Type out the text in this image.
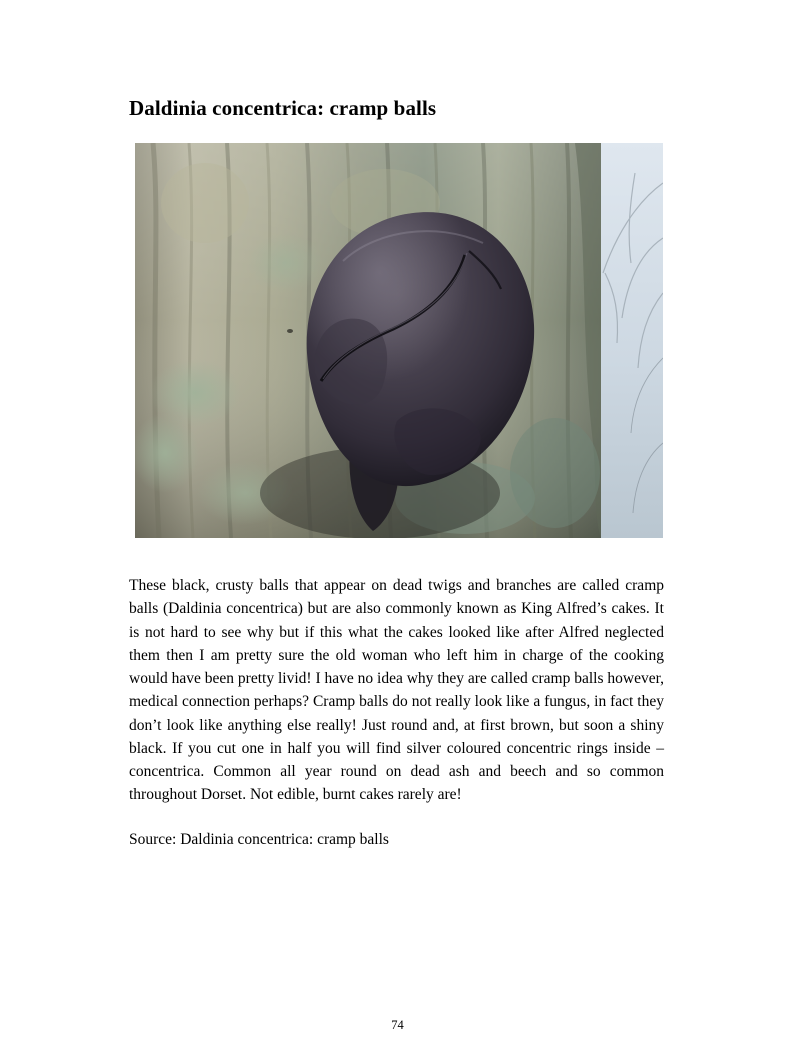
Daldinia concentrica: cramp balls

These black, crusty balls that appear on dead twigs and branches are called cramp balls (Daldinia concentrica) but are also commonly known as King Alfred’s cakes. It is not hard to see why but if this what the cakes looked like after Alfred neglected them then I am pretty sure the old woman who left him in charge of the cooking would have been pretty livid! I have no idea why they are called cramp balls however, medical connection perhaps? Cramp balls do not really look like a fungus, in fact they don’t look like anything else really! Just round and, at first brown, but soon a shiny black. If you cut one in half you will find silver coloured concentric rings inside – concentrica. Common all year round on dead ash and beech and so common throughout Dorset. Not edible, burnt cakes rarely are!

Source: Daldinia concentrica: cramp balls

74
